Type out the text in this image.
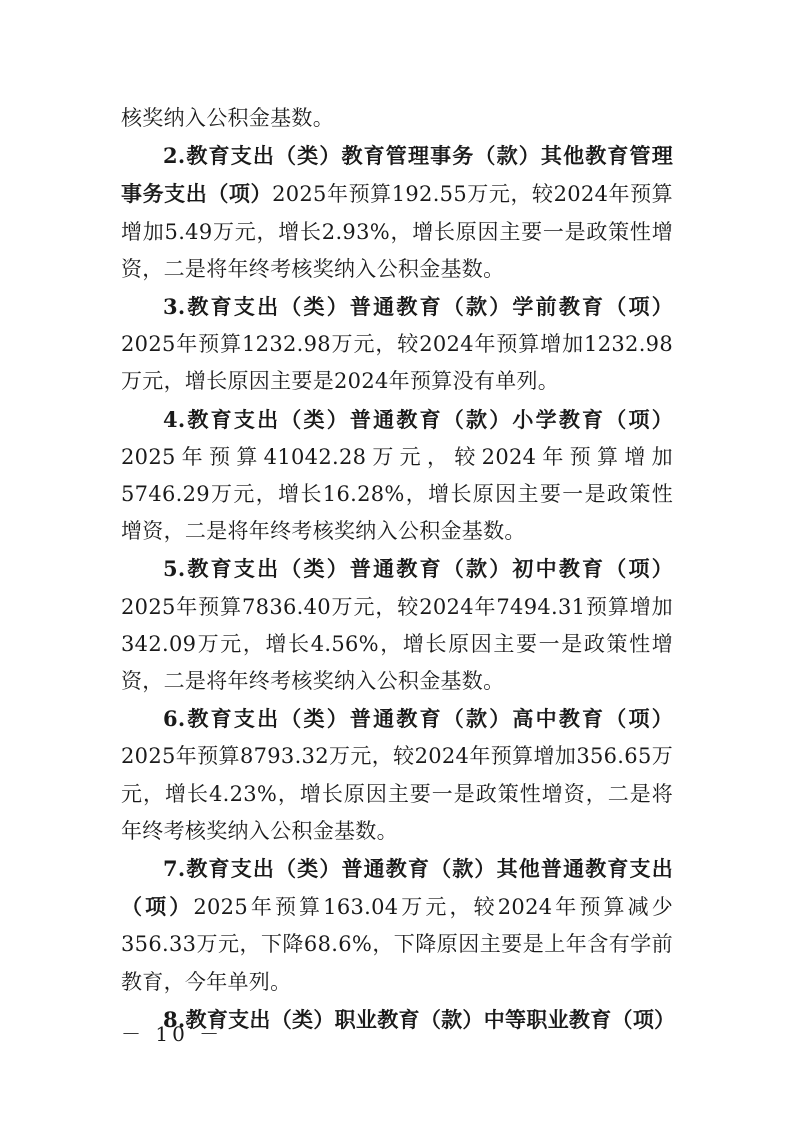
核奖纳入公积金基数。

2.教育支出（类）教育管理事务（款）其他教育管理事务支出（项）2025年预算192.55万元，较2024年预算增加5.49万元，增长2.93%，增长原因主要一是政策性增资，二是将年终考核奖纳入公积金基数。

3.教育支出（类）普通教育（款）学前教育（项）2025年预算1232.98万元，较2024年预算增加1232.98万元，增长原因主要是2024年预算没有单列。

4.教育支出（类）普通教育（款）小学教育（项）2025年预算41042.28万元，较2024年预算增加5746.29万元，增长16.28%，增长原因主要一是政策性增资，二是将年终考核奖纳入公积金基数。

5.教育支出（类）普通教育（款）初中教育（项）2025年预算7836.40万元，较2024年7494.31预算增加342.09万元，增长4.56%，增长原因主要一是政策性增资，二是将年终考核奖纳入公积金基数。

6.教育支出（类）普通教育（款）高中教育（项）2025年预算8793.32万元，较2024年预算增加356.65万元，增长4.23%，增长原因主要一是政策性增资，二是将年终考核奖纳入公积金基数。

7.教育支出（类）普通教育（款）其他普通教育支出（项）2025年预算163.04万元，较2024年预算减少356.33万元，下降68.6%，下降原因主要是上年含有学前教育，今年单列。

8.教育支出（类）职业教育（款）中等职业教育（项）

－ 10 －
